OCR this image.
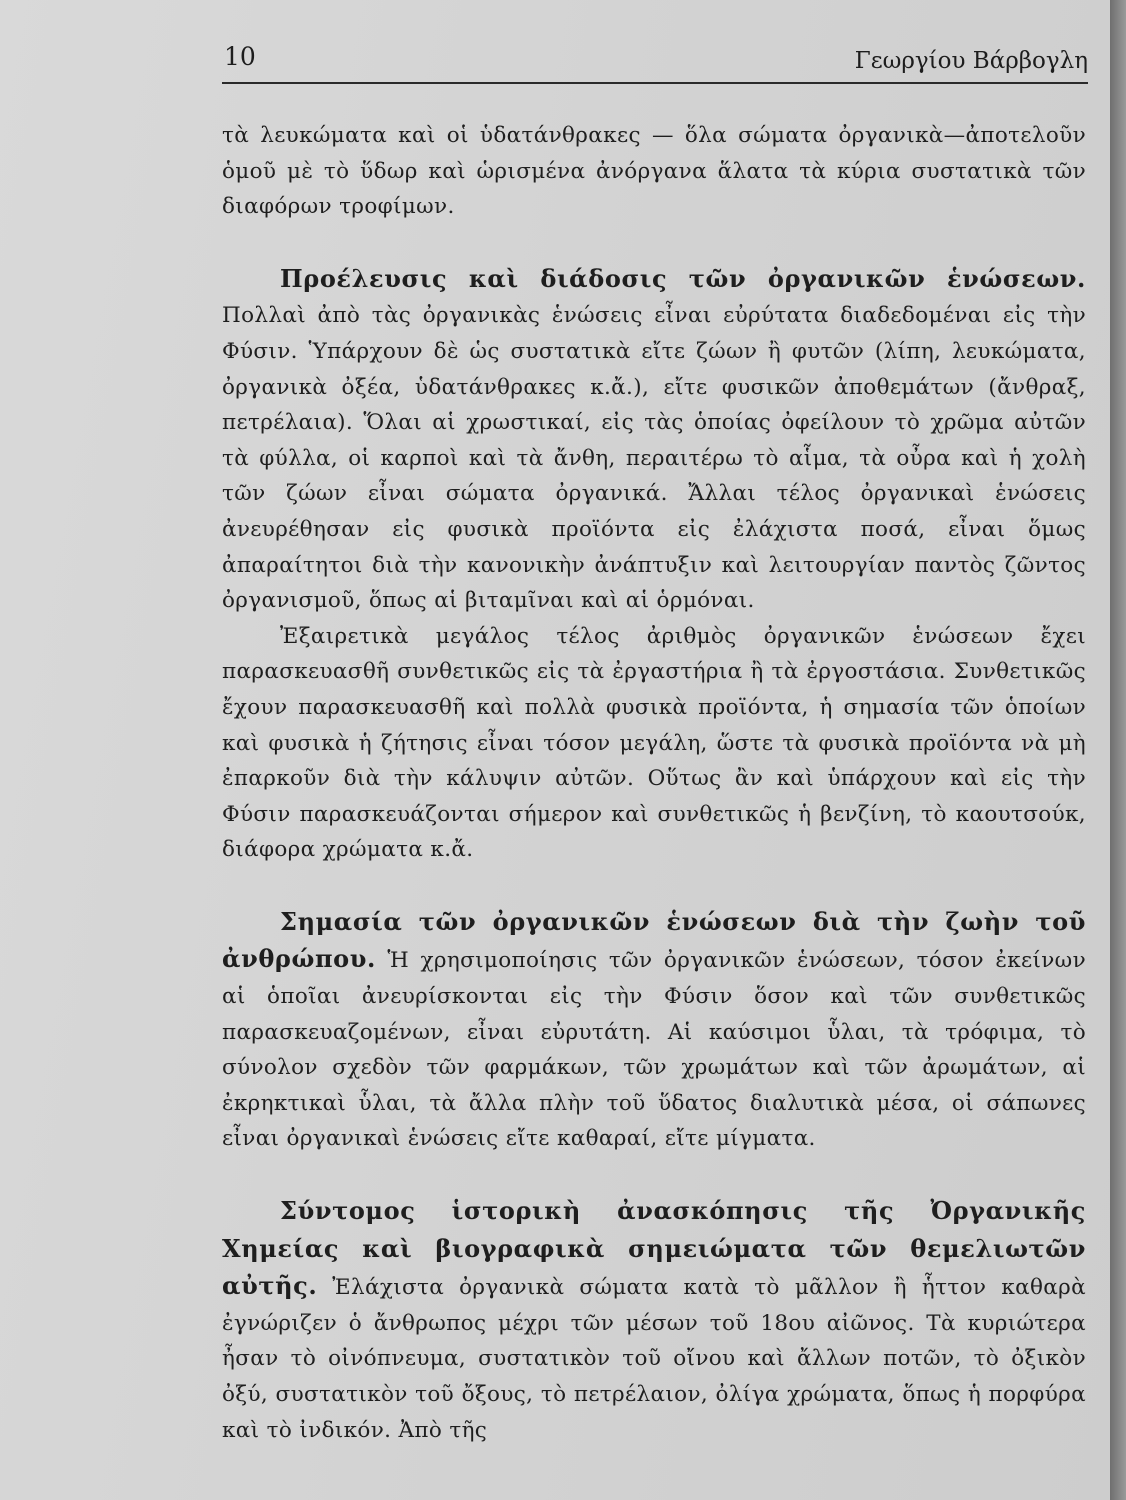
10	Γεωργίου Βάρβογλη

τὰ λευκώματα καὶ οἱ ὑδατάνθρακες — ὅλα σώματα ὀργανικὰ—ἀποτελοῦν ὁμοῦ μὲ τὸ ὕδωρ καὶ ὡρισμένα ἀνόργανα ἅλατα τὰ κύρια συστατικὰ τῶν διαφόρων τροφίμων.

Προέλευσις καὶ διάδοσις τῶν ὀργανικῶν ἑνώσεων. Πολλαὶ ἀπὸ τὰς ὀργανικὰς ἑνώσεις εἶναι εὐρύτατα διαδεδομέναι εἰς τὴν Φύσιν. Ὑπάρχουν δὲ ὡς συστατικὰ εἴτε ζώων ἢ φυτῶν (λίπη, λευκώματα, ὀργανικὰ ὀξέα, ὑδατάνθρακες κ.ἄ.), εἴτε φυσικῶν ἀποθεμάτων (ἄνθραξ, πετρέλαια). Ὅλαι αἱ χρωστικαί, εἰς τὰς ὁποίας ὀφείλουν τὸ χρῶμα αὐτῶν τὰ φύλλα, οἱ καρποὶ καὶ τὰ ἄνθη, περαιτέρω τὸ αἷμα, τὰ οὖρα καὶ ἡ χολὴ τῶν ζώων εἶναι σώματα ὀργανικά. Ἄλλαι τέλος ὀργανικαὶ ἑνώσεις ἀνευρέθησαν εἰς φυσικὰ προϊόντα εἰς ἐλάχιστα ποσά, εἶναι ὅμως ἀπαραίτητοι διὰ τὴν κανονικὴν ἀνάπτυξιν καὶ λειτουργίαν παντὸς ζῶντος ὀργανισμοῦ, ὅπως αἱ βιταμῖναι καὶ αἱ ὁρμόναι.

Ἐξαιρετικὰ μεγάλος τέλος ἀριθμὸς ὀργανικῶν ἑνώσεων ἔχει παρασκευασθῆ συνθετικῶς εἰς τὰ ἐργαστήρια ἢ τὰ ἐργοστάσια. Συνθετικῶς ἔχουν παρασκευασθῆ καὶ πολλὰ φυσικὰ προϊόντα, ἡ σημασία τῶν ὁποίων καὶ φυσικὰ ἡ ζήτησις εἶναι τόσον μεγάλη, ὥστε τὰ φυσικὰ προϊόντα νὰ μὴ ἐπαρκοῦν διὰ τὴν κάλυψιν αὐτῶν. Οὕτως ἂν καὶ ὑπάρχουν καὶ εἰς τὴν Φύσιν παρασκευάζονται σήμερον καὶ συνθετικῶς ἡ βενζίνη, τὸ καουτσούκ, διάφορα χρώματα κ.ἄ.

Σημασία τῶν ὀργανικῶν ἑνώσεων διὰ τὴν ζωὴν τοῦ ἀνθρώπου. Ἡ χρησιμοποίησις τῶν ὀργανικῶν ἑνώσεων, τόσον ἐκείνων αἱ ὁποῖαι ἀνευρίσκονται εἰς τὴν Φύσιν ὅσον καὶ τῶν συνθετικῶς παρασκευαζομένων, εἶναι εὐρυτάτη. Αἱ καύσιμοι ὗλαι, τὰ τρόφιμα, τὸ σύνολον σχεδὸν τῶν φαρμάκων, τῶν χρωμάτων καὶ τῶν ἀρωμάτων, αἱ ἐκρηκτικαὶ ὗλαι, τὰ ἄλλα πλὴν τοῦ ὕδατος διαλυτικὰ μέσα, οἱ σάπωνες εἶναι ὀργανικαὶ ἑνώσεις εἴτε καθαραί, εἴτε μίγματα.

Σύντομος ἱστορικὴ ἀνασκόπησις τῆς Ὀργανικῆς Χημείας καὶ βιογραφικὰ σημειώματα τῶν θεμελιωτῶν αὐτῆς. Ἐλάχιστα ὀργανικὰ σώματα κατὰ τὸ μᾶλλον ἢ ἧττον καθαρὰ ἐγνώριζεν ὁ ἄνθρωπος μέχρι τῶν μέσων τοῦ 18ου αἰῶνος. Τὰ κυριώτερα ἦσαν τὸ οἰνόπνευμα, συστατικὸν τοῦ οἴνου καὶ ἄλλων ποτῶν, τὸ ὀξικὸν ὀξύ, συστατικὸν τοῦ ὄξους, τὸ πετρέλαιον, ὀλίγα χρώματα, ὅπως ἡ πορφύρα καὶ τὸ ἰνδικόν. Ἀπὸ τῆς
